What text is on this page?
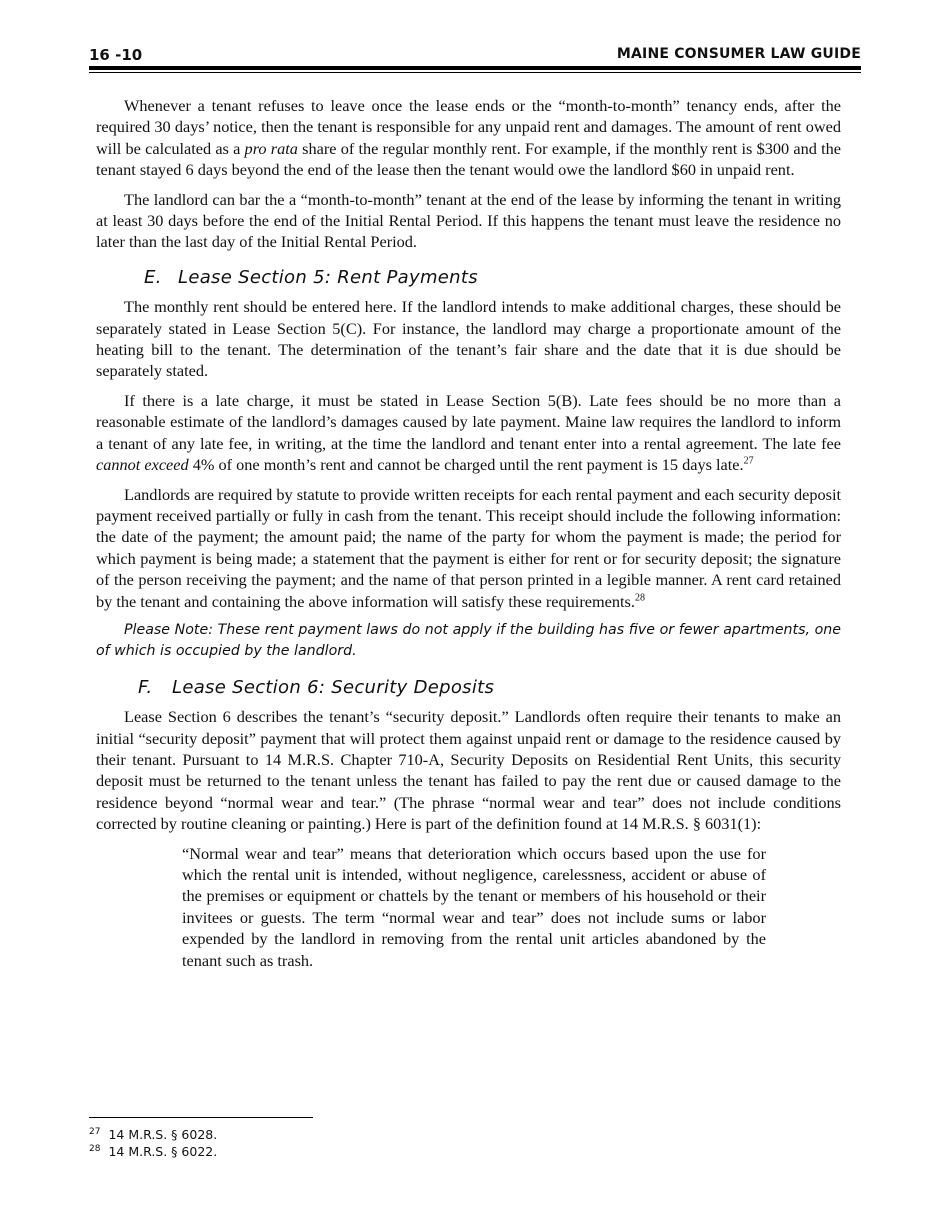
16 -10	MAINE CONSUMER LAW GUIDE

Whenever a tenant refuses to leave once the lease ends or the “month-to-month” tenancy ends, after the required 30 days’ notice, then the tenant is responsible for any unpaid rent and damages. The amount of rent owed will be calculated as a pro rata share of the regular monthly rent. For example, if the monthly rent is $300 and the tenant stayed 6 days beyond the end of the lease then the tenant would owe the landlord $60 in unpaid rent.

The landlord can bar the a “month-to-month” tenant at the end of the lease by informing the tenant in writing at least 30 days before the end of the Initial Rental Period. If this happens the tenant must leave the residence no later than the last day of the Initial Rental Period.

E. Lease Section 5: Rent Payments

The monthly rent should be entered here. If the landlord intends to make additional charges, these should be separately stated in Lease Section 5(C). For instance, the landlord may charge a proportionate amount of the heating bill to the tenant. The determination of the tenant’s fair share and the date that it is due should be separately stated.

If there is a late charge, it must be stated in Lease Section 5(B). Late fees should be no more than a reasonable estimate of the landlord’s damages caused by late payment. Maine law requires the landlord to inform a tenant of any late fee, in writing, at the time the landlord and tenant enter into a rental agreement. The late fee cannot exceed 4% of one month’s rent and cannot be charged until the rent payment is 15 days late.$^{27}$

Landlords are required by statute to provide written receipts for each rental payment and each security deposit payment received partially or fully in cash from the tenant. This receipt should include the following information: the date of the payment; the amount paid; the name of the party for whom the payment is made; the period for which payment is being made; a statement that the payment is either for rent or for security deposit; the signature of the person receiving the payment; and the name of that person printed in a legible manner. A rent card retained by the tenant and containing the above information will satisfy these requirements.$^{28}$

Please Note: These rent payment laws do not apply if the building has five or fewer apartments, one of which is occupied by the landlord.

F. Lease Section 6: Security Deposits

Lease Section 6 describes the tenant’s “security deposit.” Landlords often require their tenants to make an initial “security deposit” payment that will protect them against unpaid rent or damage to the residence caused by their tenant. Pursuant to 14 M.R.S. Chapter 710-A, Security Deposits on Residential Rent Units, this security deposit must be returned to the tenant unless the tenant has failed to pay the rent due or caused damage to the residence beyond “normal wear and tear.” (The phrase “normal wear and tear” does not include conditions corrected by routine cleaning or painting.) Here is part of the definition found at 14 M.R.S. § 6031(1):

“Normal wear and tear” means that deterioration which occurs based upon the use for which the rental unit is intended, without negligence, carelessness, accident or abuse of the premises or equipment or chattels by the tenant or members of his household or their invitees or guests. The term “normal wear and tear” does not include sums or labor expended by the landlord in removing from the rental unit articles abandoned by the tenant such as trash.
$^{27}$ 14 M.R.S. § 6028.
$^{28}$ 14 M.R.S. § 6022.
